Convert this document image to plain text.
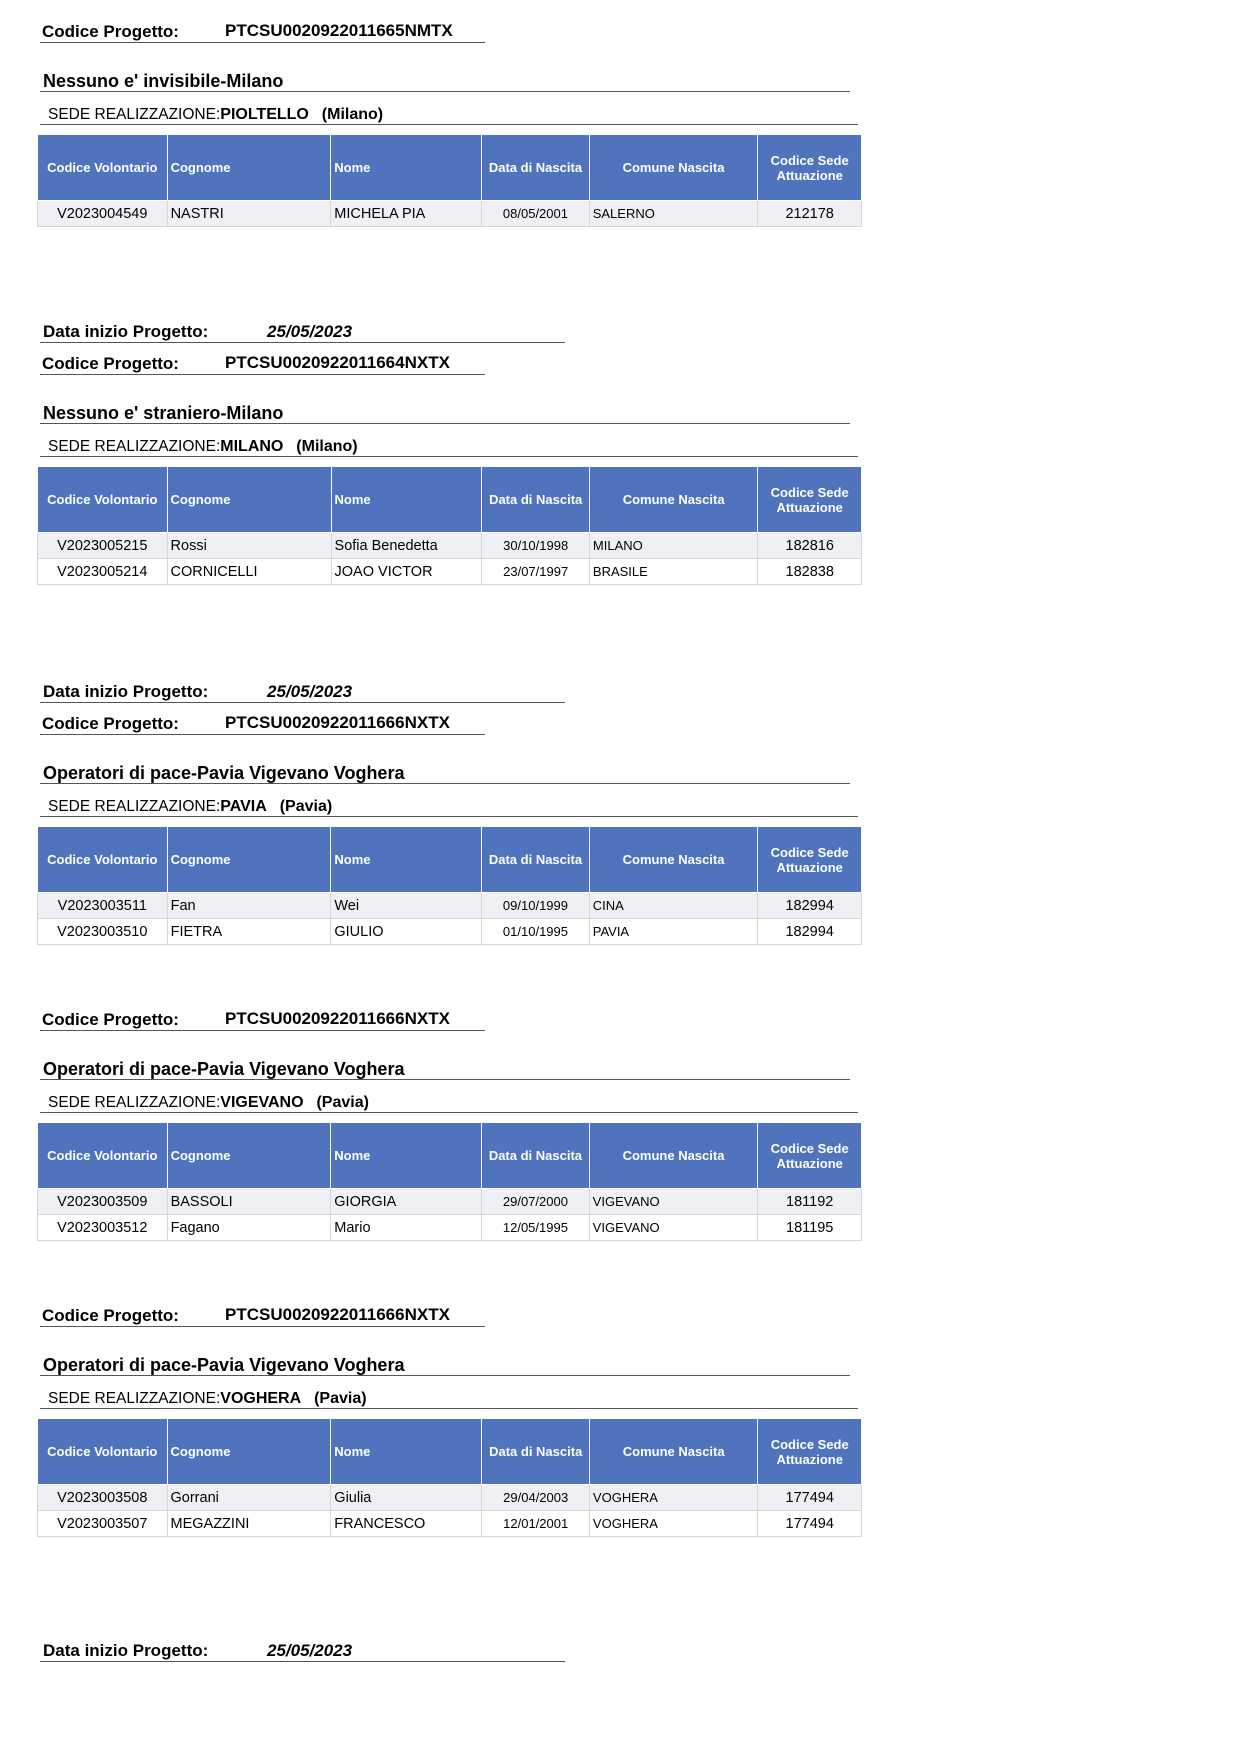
Codice Progetto:	PTCSU0020922011665NMTX
Nessuno e' invisibile-Milano
SEDE REALIZZAZIONE:PIOLTELLO (Milano)
Codice Volontario	Cognome	Nome	Data di Nascita	Comune Nascita	Codice Sede Attuazione
V2023004549	NASTRI	MICHELA PIA	08/05/2001	SALERNO	212178
Data inizio Progetto:	25/05/2023
Codice Progetto:	PTCSU0020922011664NXTX
Nessuno e' straniero-Milano
SEDE REALIZZAZIONE:MILANO (Milano)
Codice Volontario	Cognome	Nome	Data di Nascita	Comune Nascita	Codice Sede Attuazione
V2023005215	Rossi	Sofia Benedetta	30/10/1998	MILANO	182816
V2023005214	CORNICELLI	JOAO VICTOR	23/07/1997	BRASILE	182838
Data inizio Progetto:	25/05/2023
Codice Progetto:	PTCSU0020922011666NXTX
Operatori di pace-Pavia Vigevano Voghera
SEDE REALIZZAZIONE:PAVIA (Pavia)
Codice Volontario	Cognome	Nome	Data di Nascita	Comune Nascita	Codice Sede Attuazione
V2023003511	Fan	Wei	09/10/1999	CINA	182994
V2023003510	FIETRA	GIULIO	01/10/1995	PAVIA	182994
Codice Progetto:	PTCSU0020922011666NXTX
Operatori di pace-Pavia Vigevano Voghera
SEDE REALIZZAZIONE:VIGEVANO (Pavia)
Codice Volontario	Cognome	Nome	Data di Nascita	Comune Nascita	Codice Sede Attuazione
V2023003509	BASSOLI	GIORGIA	29/07/2000	VIGEVANO	181192
V2023003512	Fagano	Mario	12/05/1995	VIGEVANO	181195
Codice Progetto:	PTCSU0020922011666NXTX
Operatori di pace-Pavia Vigevano Voghera
SEDE REALIZZAZIONE:VOGHERA (Pavia)
Codice Volontario	Cognome	Nome	Data di Nascita	Comune Nascita	Codice Sede Attuazione
V2023003508	Gorrani	Giulia	29/04/2003	VOGHERA	177494
V2023003507	MEGAZZINI	FRANCESCO	12/01/2001	VOGHERA	177494
Data inizio Progetto:	25/05/2023
